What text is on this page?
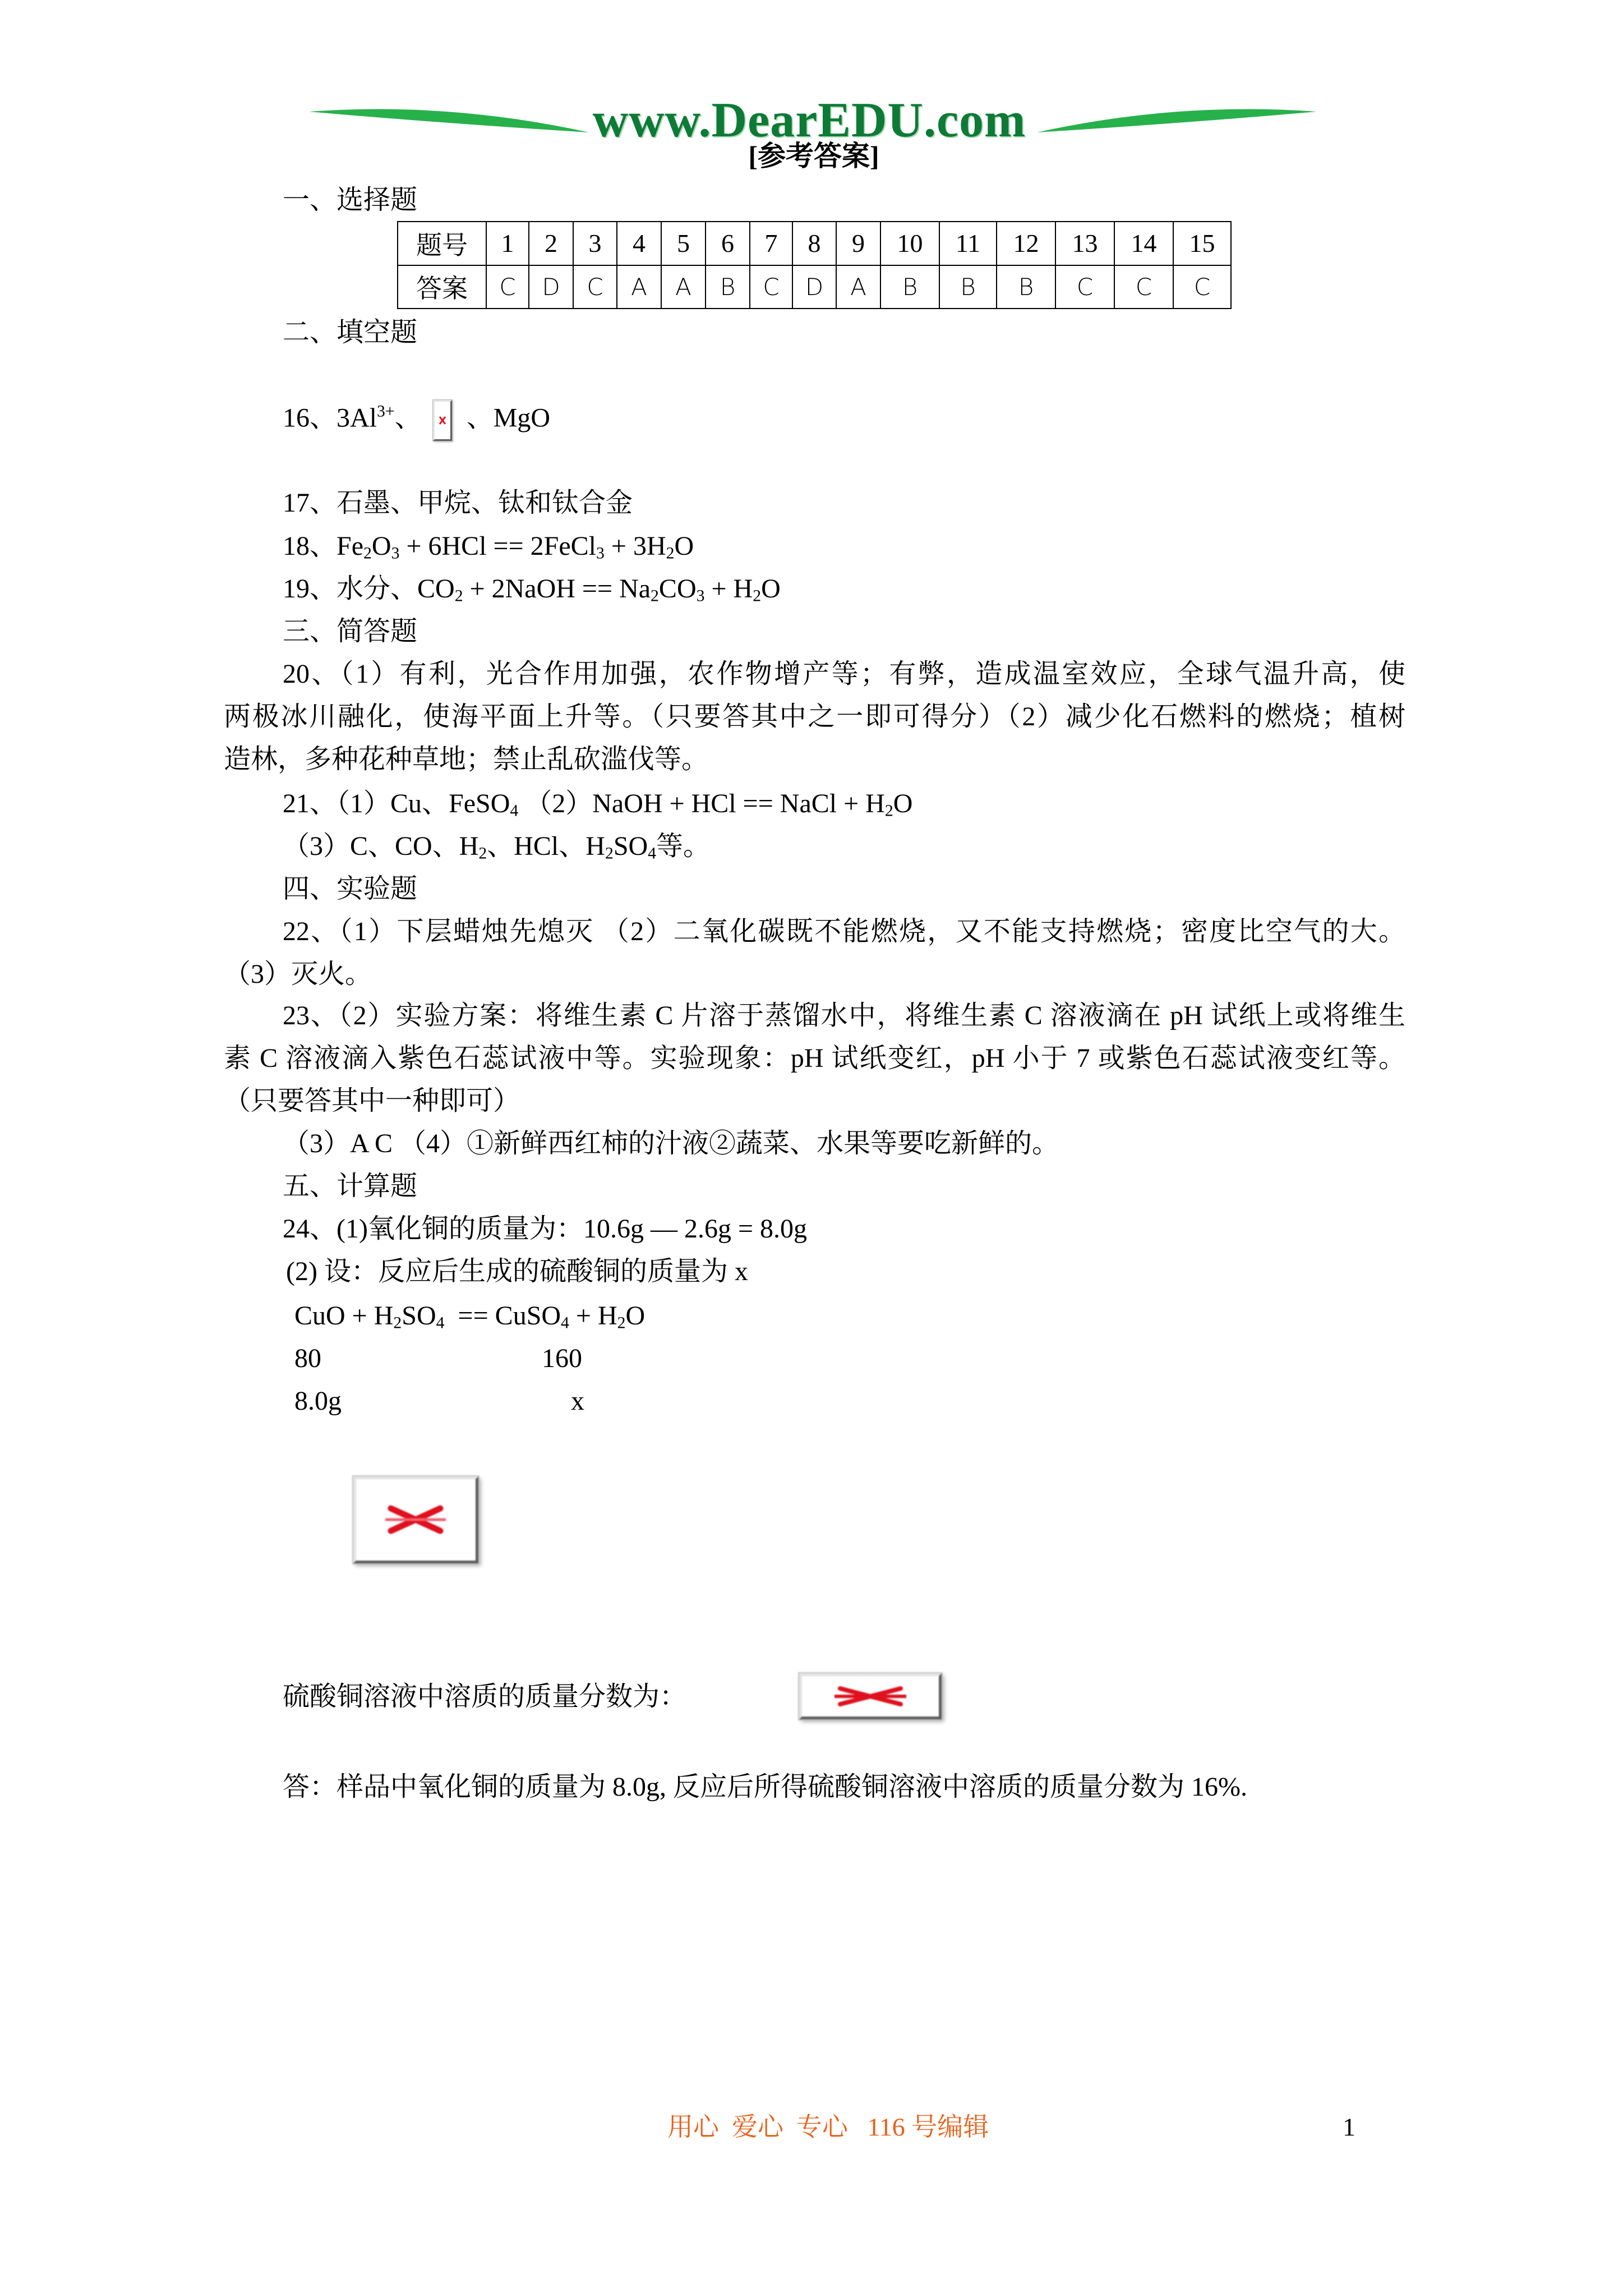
www.DearEDU.com
[参考答案]
一、选择题
题号	1	2	3	4	5	6	7	8	9	10	11	12	13	14	15
答案	C	D	C	A	A	B	C	D	A	B	B	B	C	C	C
二、填空题
16、$3Al^{3+}$、
、MgO
17、石墨、甲烷、钛和钛合金
18、$Fe_2O_3 + 6HCl$ == 2FeCl$_3$ + $3H_2O$
19、水分、$CO_2$ + 2NaOH == $Na_2CO_3 + H_2O$
三、简答题
20、（1）有利，光合作用加强，农作物增产等；有弊，造成温室效应，全球气温升高，使
两极冰川融化，使海平面上升等。（只要答其中之一即可得分）（2）减少化石燃料的燃烧；植树
造林，多种花种草地；禁止乱砍滥伐等。
21、（1）Cu、FeSO$_4$ （2）NaOH + HCl == NaCl + $H_2O$
（3）C、CO、$H_2$、HCl、$H_2SO_4$等。
四、实验题
22、（1）下层蜡烛先熄灭 （2）二氧化碳既不能燃烧，又不能支持燃烧；密度比空气的大。
（3）灭火。
23、（2）实验方案：将维生素 C 片溶于蒸馏水中，将维生素 C 溶液滴在 pH 试纸上或将维生
素 C 溶液滴入紫色石蕊试液中等。实验现象：pH 试纸变红，pH 小于 7 或紫色石蕊试液变红等。
（只要答其中一种即可）
（3）A C （4）①新鲜西红柿的汁液②蔬菜、水果等要吃新鲜的。
五、计算题
24、(1)氧化铜的质量为：10.6g — 2.6g = 8.0g
(2) 设：反应后生成的硫酸铜的质量为 x
CuO + $H_2SO_4$  == CuSO$_4$ + $H_2O$
80	160
8.0g	x
硫酸铜溶液中溶质的质量分数为：
答：样品中氧化铜的质量为 8.0g, 反应后所得硫酸铜溶液中溶质的质量分数为 16%.
用心  爱心  专心   116 号编辑	1
